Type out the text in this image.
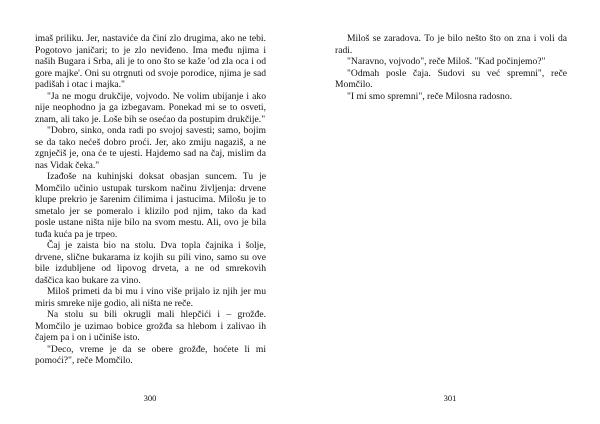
imaš priliku. Jer, nastaviće da čini zlo drugima, ako ne tebi. Pogotovo janičari; to je zlo neviđeno. Ima među njima i naših Bugara i Srba, ali je to ono što se kaže 'od zla oca i od gore majke'. Oni su otrgnuti od svoje porodice, njima je sad padišah i otac i majka."

"Ja ne mogu drukčije, vojvodo. Ne volim ubijanje i ako nije neophodno ja ga izbegavam. Ponekad mi se to osveti, znam, ali tako je. Loše bih se osećao da postupim drukčije."

"Dobro, sinko, onda radi po svojoj savesti; samo, bojim se da tako nećeš dobro proći. Jer, ako zmiju nagaziš, a ne zgnječiš je, ona će te ujesti. Hajdemo sad na čaj, mislim da nas Vidak čeka."

Izađoše na kuhinjski doksat obasjan suncem. Tu je Momčilo učinio ustupak turskom načinu življenja: drvene klupe prekrio je šarenim ćilimima i jastucima. Milošu je to smetalo jer se pomeralo i klizilo pod njim, tako da kad posle ustane ništa nije bilo na svom mestu. Ali, ovo je bila tuđa kuća pa je trpeo.

Čaj je zaista bio na stolu. Dva topla čajnika i šolje, drvene, slične bukarama iz kojih su pili vino, samo su ove bile izdubljene od lipovog drveta, a ne od smrekovih daščica kao bukare za vino.

Miloš primeti da bi mu i vino više prijalo iz njih jer mu miris smreke nije godio, ali ništa ne reče.

Na stolu su bili okrugli mali hlepčići i – grožđe. Momčilo je uzimao bobice grožđa sa hlebom i zalivao ih čajem pa i on i učiniše isto.

"Deco, vreme je da se obere grožđe, hoćete li mi pomoći?", reče Momčilo.

300

Miloš se zaradova. To je bilo nešto što on zna i voli da radi.

"Naravno, vojvodo", reče Miloš. "Kad počinjemo?"

"Odmah posle čaja. Sudovi su već spremni", reče Momčilo.

"I mi smo spremni", reče Milosna radosno.

301
